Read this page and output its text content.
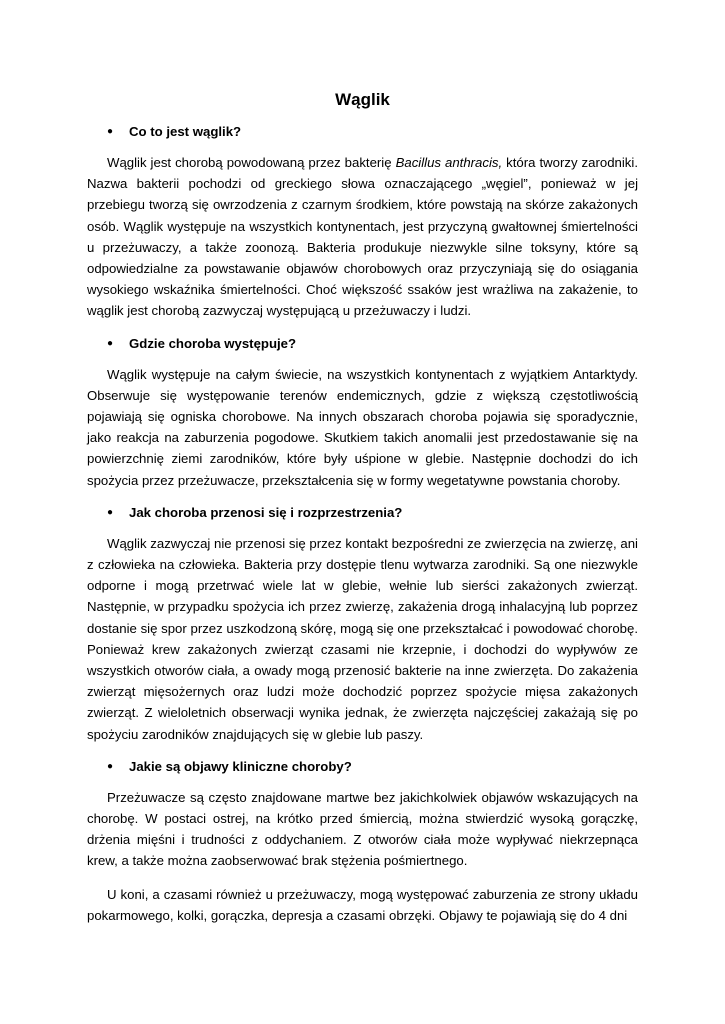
Wąglik
● Co to jest wąglik?

Wąglik jest chorobą powodowaną przez bakterię Bacillus anthracis, która tworzy zarodniki. Nazwa bakterii pochodzi od greckiego słowa oznaczającego „węgiel”, ponieważ w jej przebiegu tworzą się owrzodzenia z czarnym środkiem, które powstają na skórze zakażonych osób. Wąglik występuje na wszystkich kontynentach, jest przyczyną gwałtownej śmiertelności u przeżuwaczy, a także zoonozą. Bakteria produkuje niezwykle silne toksyny, które są odpowiedzialne za powstawanie objawów chorobowych oraz przyczyniają się do osiągania wysokiego wskaźnika śmiertelności. Choć większość ssaków jest wrażliwa na zakażenie, to wąglik jest chorobą zazwyczaj występującą u przeżuwaczy i ludzi.

● Gdzie choroba występuje?

Wąglik występuje na całym świecie, na wszystkich kontynentach z wyjątkiem Antarktydy. Obserwuje się występowanie terenów endemicznych, gdzie z większą częstotliwością pojawiają się ogniska chorobowe. Na innych obszarach choroba pojawia się sporadycznie, jako reakcja na zaburzenia pogodowe. Skutkiem takich anomalii jest przedostawanie się na powierzchnię ziemi zarodników, które były uśpione w glebie. Następnie dochodzi do ich spożycia przez przeżuwacze, przekształcenia się w formy wegetatywne powstania choroby.

● Jak choroba przenosi się i rozprzestrzenia?

Wąglik zazwyczaj nie przenosi się przez kontakt bezpośredni ze zwierzęcia na zwierzę, ani z człowieka na człowieka. Bakteria przy dostępie tlenu wytwarza zarodniki. Są one niezwykle odporne i mogą przetrwać wiele lat w glebie, wełnie lub sierści zakażonych zwierząt. Następnie, w przypadku spożycia ich przez zwierzę, zakażenia drogą inhalacyjną lub poprzez dostanie się spor przez uszkodzoną skórę, mogą się one przekształcać i powodować chorobę. Ponieważ krew zakażonych zwierząt czasami nie krzepnie, i dochodzi do wypływów ze wszystkich otworów ciała, a owady mogą przenosić bakterie na inne zwierzęta. Do zakażenia zwierząt mięsożernych oraz ludzi może dochodzić poprzez spożycie mięsa zakażonych zwierząt. Z wieloletnich obserwacji wynika jednak, że zwierzęta najczęściej zakażają się po spożyciu zarodników znajdujących się w glebie lub paszy.

● Jakie są objawy kliniczne choroby?

Przeżuwacze są często znajdowane martwe bez jakichkolwiek objawów wskazujących na chorobę. W postaci ostrej, na krótko przed śmiercią, można stwierdzić wysoką gorączkę, drżenia mięśni i trudności z oddychaniem. Z otworów ciała może wypływać niekrzepnąca krew, a także można zaobserwować brak stężenia pośmiertnego.

U koni, a czasami również u przeżuwaczy, mogą występować zaburzenia ze strony układu pokarmowego, kolki, gorączka, depresja a czasami obrzęki. Objawy te pojawiają się do 4 dni
